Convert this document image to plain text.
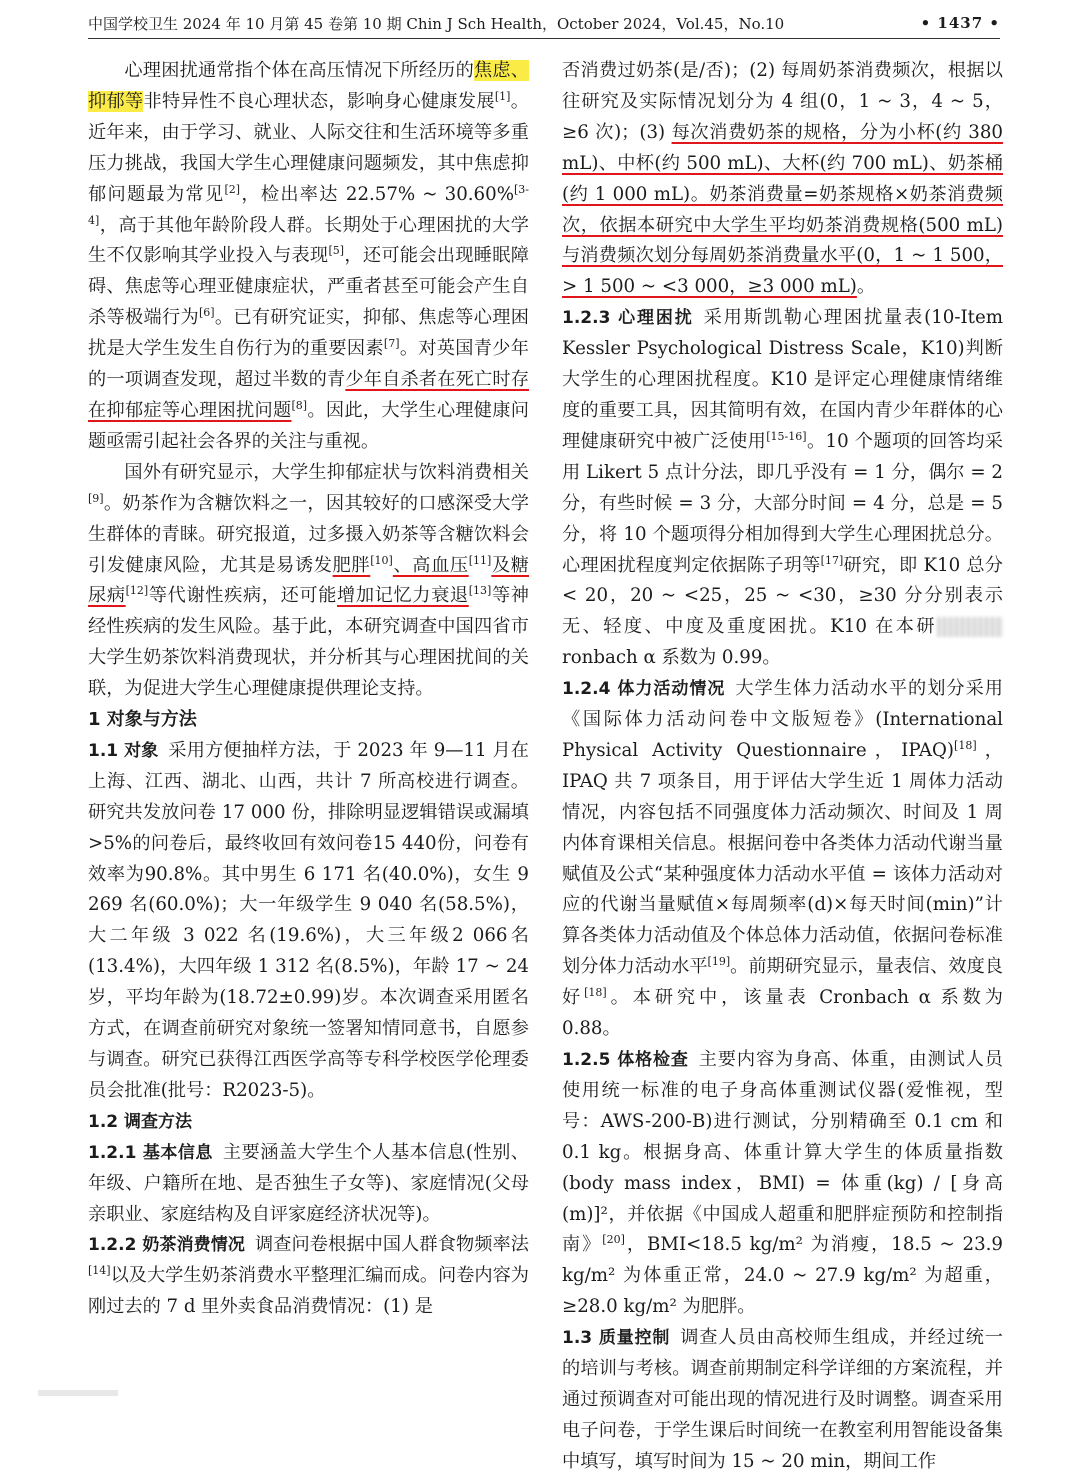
中国学校卫生 2024 年 10 月第 45 卷第 10 期 Chin J Sch Health，October 2024，Vol.45，No.10	• 1437 •

心理困扰通常指个体在高压情况下所经历的焦虑、抑郁等非特异性不良心理状态，影响身心健康发展[1]。近年来，由于学习、就业、人际交往和生活环境等多重压力挑战，我国大学生心理健康问题频发，其中焦虑抑郁问题最为常见[2]，检出率达 22.57% ~ 30.60%[3-4]，高于其他年龄阶段人群。长期处于心理困扰的大学生不仅影响其学业投入与表现[5]，还可能会出现睡眠障碍、焦虑等心理亚健康症状，严重者甚至可能会产生自杀等极端行为[6]。已有研究证实，抑郁、焦虑等心理困扰是大学生发生自伤行为的重要因素[7]。对英国青少年的一项调查发现，超过半数的青少年自杀者在死亡时存在抑郁症等心理困扰问题[8]。因此，大学生心理健康问题亟需引起社会各界的关注与重视。

国外有研究显示，大学生抑郁症状与饮料消费相关[9]。奶茶作为含糖饮料之一，因其较好的口感深受大学生群体的青睐。研究报道，过多摄入奶茶等含糖饮料会引发健康风险，尤其是易诱发肥胖[10]、高血压[11]及糖尿病[12]等代谢性疾病，还可能增加记忆力衰退[13]等神经性疾病的发生风险。基于此，本研究调查中国四省市大学生奶茶饮料消费现状，并分析其与心理困扰间的关联，为促进大学生心理健康提供理论支持。

1 对象与方法

1.1 对象 采用方便抽样方法，于 2023 年 9—11 月在上海、江西、湖北、山西，共计 7 所高校进行调查。研究共发放问卷 17 000 份，排除明显逻辑错误或漏填>5%的问卷后，最终收回有效问卷15 440份，问卷有效率为90.8%。其中男生 6 171 名(40.0%)，女生 9 269 名(60.0%)；大一年级学生 9 040 名(58.5%)，大二年级 3 022 名(19.6%)，大三年级2 066名(13.4%)，大四年级 1 312 名(8.5%)，年龄 17 ~ 24 岁，平均年龄为(18.72±0.99)岁。本次调查采用匿名方式，在调查前研究对象统一签署知情同意书，自愿参与调查。研究已获得江西医学高等专科学校医学伦理委员会批准(批号：R2023-5)。

1.2 调查方法

1.2.1 基本信息 主要涵盖大学生个人基本信息(性别、年级、户籍所在地、是否独生子女等)、家庭情况(父母亲职业、家庭结构及自评家庭经济状况等)。

1.2.2 奶茶消费情况 调查问卷根据中国人群食物频率法[14]以及大学生奶茶消费水平整理汇编而成。问卷内容为刚过去的 7 d 里外卖食品消费情况：(1) 是

否消费过奶茶(是/否)；(2) 每周奶茶消费频次，根据以往研究及实际情况划分为 4 组(0，1 ~ 3，4 ~ 5，≥6 次)；(3) 每次消费奶茶的规格，分为小杯(约 380 mL)、中杯(约 500 mL)、大杯(约 700 mL)、奶茶桶(约 1 000 mL)。奶茶消费量=奶茶规格×奶茶消费频次，依据本研究中大学生平均奶茶消费规格(500 mL)与消费频次划分每周奶茶消费量水平(0，1 ~ 1 500，> 1 500 ~ <3 000，≥3 000 mL)。

1.2.3 心理困扰 采用斯凯勒心理困扰量表(10-Item Kessler Psychological Distress Scale，K10)判断大学生的心理困扰程度。K10 是评定心理健康情绪维度的重要工具，因其简明有效，在国内青少年群体的心理健康研究中被广泛使用[15-16]。10 个题项的回答均采用 Likert 5 点计分法，即几乎没有 = 1 分，偶尔 = 2 分，有些时候 = 3 分，大部分时间 = 4 分，总是 = 5 分，将 10 个题项得分相加得到大学生心理困扰总分。心理困扰程度判定依据陈子玥等[17]研究，即 K10 总分< 20，20 ~ <25，25 ~ <30，≥30 分分别表示无、轻度、中度及重度困扰。K10 在本研ronbach α 系数为 0.99。

1.2.4 体力活动情况 大学生体力活动水平的划分采用《国际体力活动问卷中文版短卷》(International Physical Activity Questionnaire，IPAQ)[18]，IPAQ 共 7 项条目，用于评估大学生近 1 周体力活动情况，内容包括不同强度体力活动频次、时间及 1 周内体育课相关信息。根据问卷中各类体力活动代谢当量赋值及公式“某种强度体力活动水平值 = 该体力活动对应的代谢当量赋值×每周频率(d)×每天时间(min)”计算各类体力活动值及个体总体力活动值，依据问卷标准划分体力活动水平[19]。前期研究显示，量表信、效度良好[18]。本研究中，该量表 Cronbach α 系数为 0.88。

1.2.5 体格检查 主要内容为身高、体重，由测试人员使用统一标准的电子身高体重测试仪器(爱惟视，型号：AWS-200-B)进行测试，分别精确至 0.1 cm 和 0.1 kg。根据身高、体重计算大学生的体质量指数(body mass index，BMI) = 体重(kg) / [身高(m)]²，并依据《中国成人超重和肥胖症预防和控制指南》[20]，BMI<18.5 kg/m² 为消瘦，18.5 ~ 23.9 kg/m² 为体重正常，24.0 ~ 27.9 kg/m² 为超重，≥28.0 kg/m² 为肥胖。

1.3 质量控制 调查人员由高校师生组成，并经过统一的培训与考核。调查前期制定科学详细的方案流程，并通过预调查对可能出现的情况进行及时调整。调查采用电子问卷，于学生课后时间统一在教室利用智能设备集中填写，填写时间为 15 ~ 20 min，期间工作
